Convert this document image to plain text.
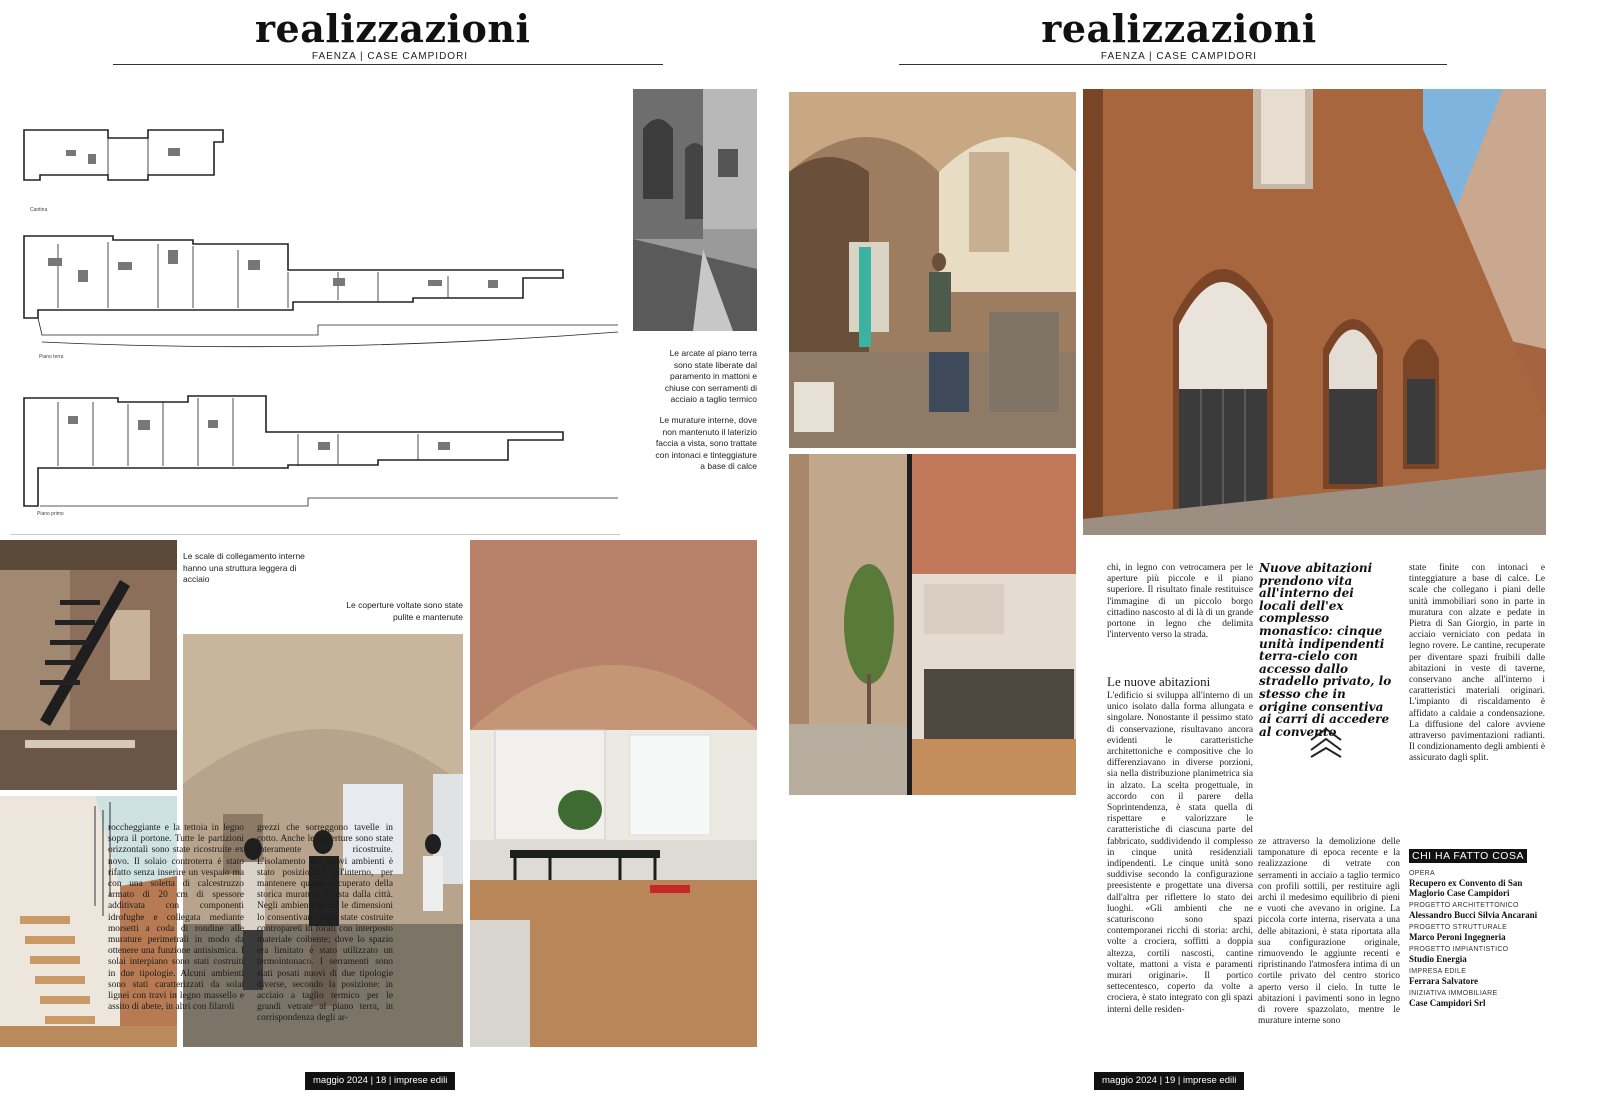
realizzazioni
FAENZA | CASE CAMPIDORI
Cantina
Piano terra
Piano primo
Le arcate al piano terra sono state liberate dal paramento in mattoni e chiuse con serramenti di acciaio a taglio termico
Le murature interne, dove non mantenuto il laterizio faccia a vista, sono trattate con intonaci e tinteggiature a base di calce
Le scale di collegamento interne hanno una struttura leggera di acciaio
Le coperture voltate sono state pulite e mantenute
roccheggiante e la tettoia in legno sopra il portone. Tutte le partizioni orizzontali sono state ricostruite ex novo. Il solaio controterra è stato rifatto senza inserire un vespaio ma con una soletta di calcestruzzo armato di 20 cm di spessore additivata con componenti idrofughe e collegata mediante morsetti a coda di rondine alle murature perimetrali in modo da ottenere una funzione antisismica. I solai interpiano sono stati costruiti in due tipologie. Alcuni ambienti sono stati caratterizzati da solai lignei con travi in legno massello e assito di abete, in altri con filaroli
grezzi che sorreggono tavelle in cotto. Anche le coperture sono state interamente ricostruite. L'isolamento dei nuovi ambienti è stato posizionato all'interno, per mantenere quanto recuperato della storica muratura a vista dalla città. Negli ambienti in cui le dimensioni lo consentivano sono state costruite contropareti in forati con interposto materiale coibente; dove lo spazio era limitato è stato utilizzato un termointonaco. I serramenti sono stati posati nuovi di due tipologie diverse, secondo la posizione: in acciaio a taglio termico per le grandi vetrate al piano terra, in corrispondenza degli ar-
maggio 2024 | 18 | imprese edili
realizzazioni
FAENZA | CASE CAMPIDORI
chi, in legno con vetrocamera per le aperture più piccole e il piano superiore. Il risultato finale restituisce l'immagine di un piccolo borgo cittadino nascosto al di là di un grande portone in legno che delimita l'intervento verso la strada.
Le nuove abitazioni

L'edificio si sviluppa all'interno di un unico isolato dalla forma allungata e singolare. Nonostante il pessimo stato di conservazione, risultavano ancora evidenti le caratteristiche architettoniche e compositive che lo differenziavano in diverse porzioni, sia nella distribuzione planimetrica sia in alzato. La scelta progettuale, in accordo con il parere della Soprintendenza, è stata quella di rispettare e valorizzare le caratteristiche di ciascuna parte del fabbricato, suddividendo il complesso in cinque unità residenziali indipendenti. Le cinque unità sono suddivise secondo la configurazione preesistente e progettate una diversa dall'altra per riflettere lo stato dei luoghi. «Gli ambienti che ne scaturiscono sono spazi contemporanei ricchi di storia: archi, volte a crociera, soffitti a doppia altezza, cortili nascosti, cantine voltate, mattoni a vista e paramenti murari originari». Il portico settecentesco, coperto da volte a crociera, è stato integrato con gli spazi interni delle residen-

Nuove abitazioni prendono vita all'interno dei locali dell'ex complesso monastico: cinque unità indipendenti terra-cielo con accesso dallo stradello privato, lo stesso che in origine consentiva ai carri di accedere al convento
state finite con intonaci e tinteggiature a base di calce. Le scale che collegano i piani delle unità immobiliari sono in parte in muratura con alzate e pedate in Pietra di San Giorgio, in parte in acciaio verniciato con pedata in legno rovere. Le cantine, recuperate per diventare spazi fruibili dalle abitazioni in veste di taverne, conservano anche all'interno i caratteristici materiali originari. L'impianto di riscaldamento è affidato a caldaie a condensazione. La diffusione del calore avviene attraverso pavimentazioni radianti. Il condizionamento degli ambienti è assicurato dagli split.
ze attraverso la demolizione delle tamponature di epoca recente e la realizzazione di vetrate con serramenti in acciaio a taglio termico con profili sottili, per restituire agli archi il medesimo equilibrio di pieni e vuoti che avevano in origine. La piccola corte interna, riservata a una delle abitazioni, è stata riportata alla sua configurazione originale, rimuovendo le aggiunte recenti e ripristinando l'atmosfera intima di un cortile privato del centro storico aperto verso il cielo. In tutte le abitazioni i pavimenti sono in legno di rovere spazzolato, mentre le murature interne sono
CHI HA FATTO COSA
OPERA
Recupero ex Convento di San Maglorio Case Campidori
PROGETTO ARCHITETTONICO
Alessandro Bucci Silvia Ancarani
PROGETTO STRUTTURALE
Marco Peroni Ingegneria
PROGETTO IMPIANTISTICO
Studio Energia
IMPRESA EDILE
Ferrara Salvatore
INIZIATIVA IMMOBILIARE
Case Campidori Srl
maggio 2024 | 19 | imprese edili
